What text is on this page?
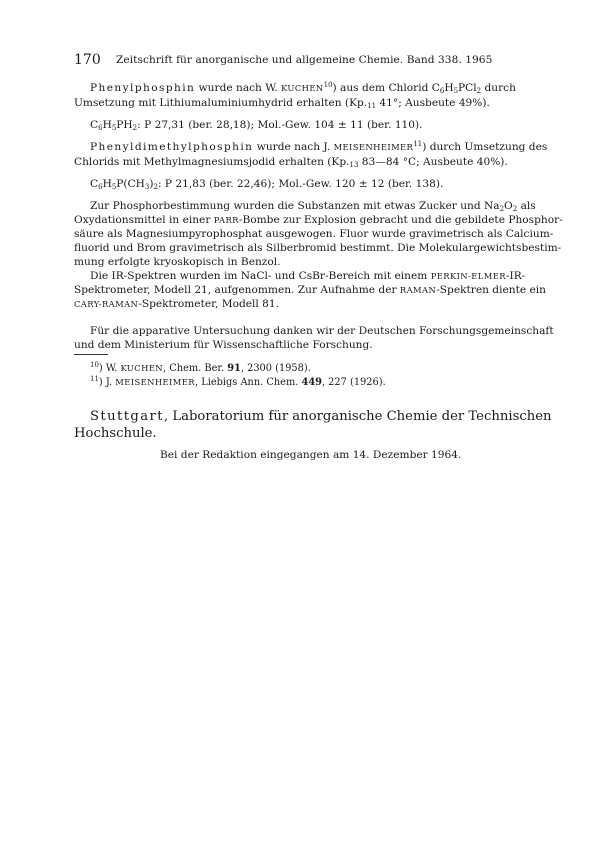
170 Zeitschrift für anorganische und allgemeine Chemie. Band 338. 1965
Phenylphosphin wurde nach W. KUCHEN$^{10}$) aus dem Chlorid $C_6H_5PCl_2$ durch
Umsetzung mit Lithiumaluminiumhydrid erhalten ($Kp._{11}$ 41°; Ausbeute 49%).
$C_6H_5PH_2$: P 27,31 (ber. 28,18); Mol.-Gew. 104 ± 11 (ber. 110).
Phenyldimethylphosphin wurde nach J. MEISENHEIMER$^{11}$) durch Umsetzung des
Chlorids mit Methylmagnesiumsjodid erhalten ($Kp._{13}$ 83—84 °C; Ausbeute 40%).
$C_6H_5P(CH_3)_2$: P 21,83 (ber. 22,46); Mol.-Gew. 120 ± 12 (ber. 138).
Zur Phosphorbestimmung wurden die Substanzen mit etwas Zucker und $Na_2O_2$ als
Oxydationsmittel in einer PARR-Bombe zur Explosion gebracht und die gebildete Phosphor-
säure als Magnesiumpyrophosphat ausgewogen. Fluor wurde gravimetrisch als Calcium-
fluorid und Brom gravimetrisch als Silberbromid bestimmt. Die Molekulargewichtsbestim-
mung erfolgte kryoskopisch in Benzol.
Die IR-Spektren wurden im NaCl- und CsBr-Bereich mit einem PERKIN-ELMER-IR-
Spektrometer, Modell 21, aufgenommen. Zur Aufnahme der RAMAN-Spektren diente ein
CARY-RAMAN-Spektrometer, Modell 81.
Für die apparative Untersuchung danken wir der Deutschen Forschungsgemeinschaft
und dem Ministerium für Wissenschaftliche Forschung.
$^{10}$) W. KUCHEN, Chem. Ber. 91, 2300 (1958).
$^{11}$) J. MEISENHEIMER, Liebigs Ann. Chem. 449, 227 (1926).
Stuttgart, Laboratorium für anorganische Chemie der Technischen
Hochschule.
Bei der Redaktion eingegangen am 14. Dezember 1964.
